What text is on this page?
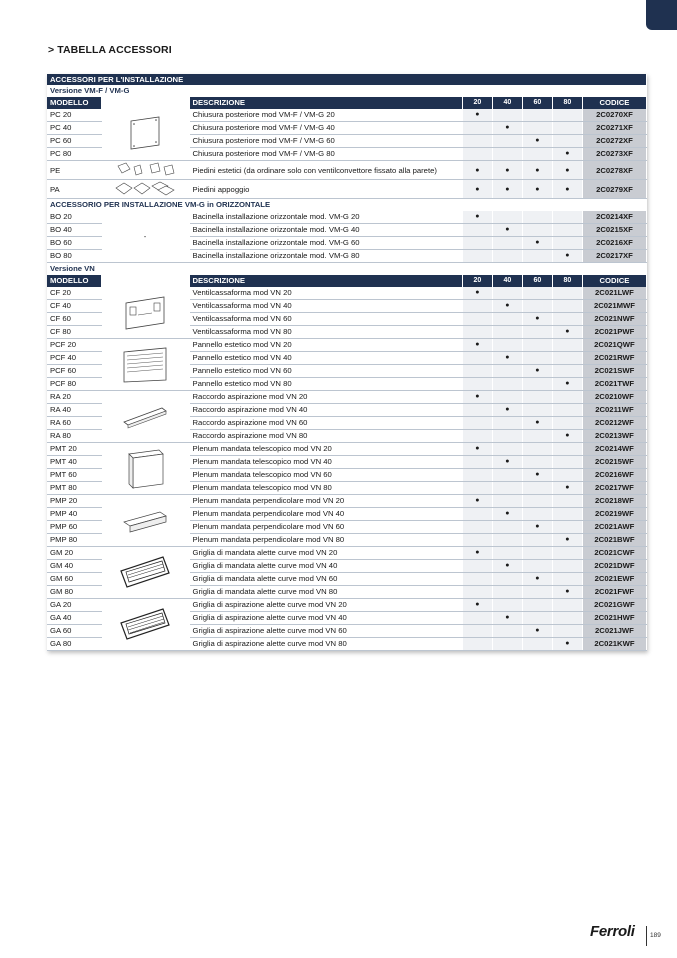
> TABELLA ACCESSORI
ACCESSORI PER L'INSTALLAZIONE							
Versione VM-F / VM-G							
MODELLO		DESCRIZIONE	20	40	60	80	CODICE
PC 20		Chiusura posteriore mod VM-F / VM-G 20	●				2C0270XF
PC 40		Chiusura posteriore mod VM-F / VM-G 40		●			2C0271XF
PC 60		Chiusura posteriore mod VM-F / VM-G 60			●		2C0272XF
PC 80		Chiusura posteriore mod VM-F / VM-G 80				●	2C0273XF
PE		Piedini estetici (da ordinare solo con ventilconvettore fissato alla parete)	●	●	●	●	2C0278XF
PA		Piedini appoggio	●	●	●	●	2C0279XF
ACCESSORIO PER INSTALLAZIONE VM-G in ORIZZONTALE							
BO 20	-	Bacinella installazione orizzontale mod. VM-G 20	●				2C0214XF
BO 40		Bacinella installazione orizzontale mod. VM-G 40		●			2C0215XF
BO 60		Bacinella installazione orizzontale mod. VM-G 60			●		2C0216XF
BO 80		Bacinella installazione orizzontale mod. VM-G 80				●	2C0217XF
Versione VN							
MODELLO		DESCRIZIONE	20	40	60	80	CODICE
CF 20		Ventilcassaforma mod VN 20	●				2C021LWF
CF 40		Ventilcassaforma mod VN 40		●			2C021MWF
CF 60		Ventilcassaforma mod VN 60			●		2C021NWF
CF 80		Ventilcassaforma mod VN 80				●	2C021PWF
PCF 20		Pannello estetico mod VN 20	●				2C021QWF
PCF 40		Pannello estetico mod VN 40		●			2C021RWF
PCF 60		Pannello estetico mod VN 60			●		2C021SWF
PCF 80		Pannello estetico mod VN 80				●	2C021TWF
RA 20		Raccordo aspirazione mod VN 20	●				2C0210WF
RA 40		Raccordo aspirazione mod VN 40		●			2C0211WF
RA 60		Raccordo aspirazione mod VN 60			●		2C0212WF
RA 80		Raccordo aspirazione mod VN 80				●	2C0213WF
PMT 20		Plenum mandata telescopico mod VN 20	●				2C0214WF
PMT 40		Plenum mandata telescopico mod VN 40		●			2C0215WF
PMT 60		Plenum mandata telescopico mod VN 60			●		2C0216WF
PMT 80		Plenum mandata telescopico mod VN 80				●	2C0217WF
PMP 20		Plenum mandata perpendicolare mod VN 20	●				2C0218WF
PMP 40		Plenum mandata perpendicolare mod VN 40		●			2C0219WF
PMP 60		Plenum mandata perpendicolare mod VN 60			●		2C021AWF
PMP 80		Plenum mandata perpendicolare mod VN 80				●	2C021BWF
GM 20		Griglia di mandata alette curve mod VN 20	●				2C021CWF
GM 40		Griglia di mandata alette curve mod VN 40		●			2C021DWF
GM 60		Griglia di mandata alette curve mod VN 60			●		2C021EWF
GM 80		Griglia di mandata alette curve mod VN 80				●	2C021FWF
GA 20		Griglia di aspirazione alette curve mod VN 20	●				2C021GWF
GA 40		Griglia di aspirazione alette curve mod VN 40		●			2C021HWF
GA 60		Griglia di aspirazione alette curve mod VN 60			●		2C021JWF
GA 80		Griglia di aspirazione alette curve mod VN 80				●	2C021KWF
Ferroli 189
